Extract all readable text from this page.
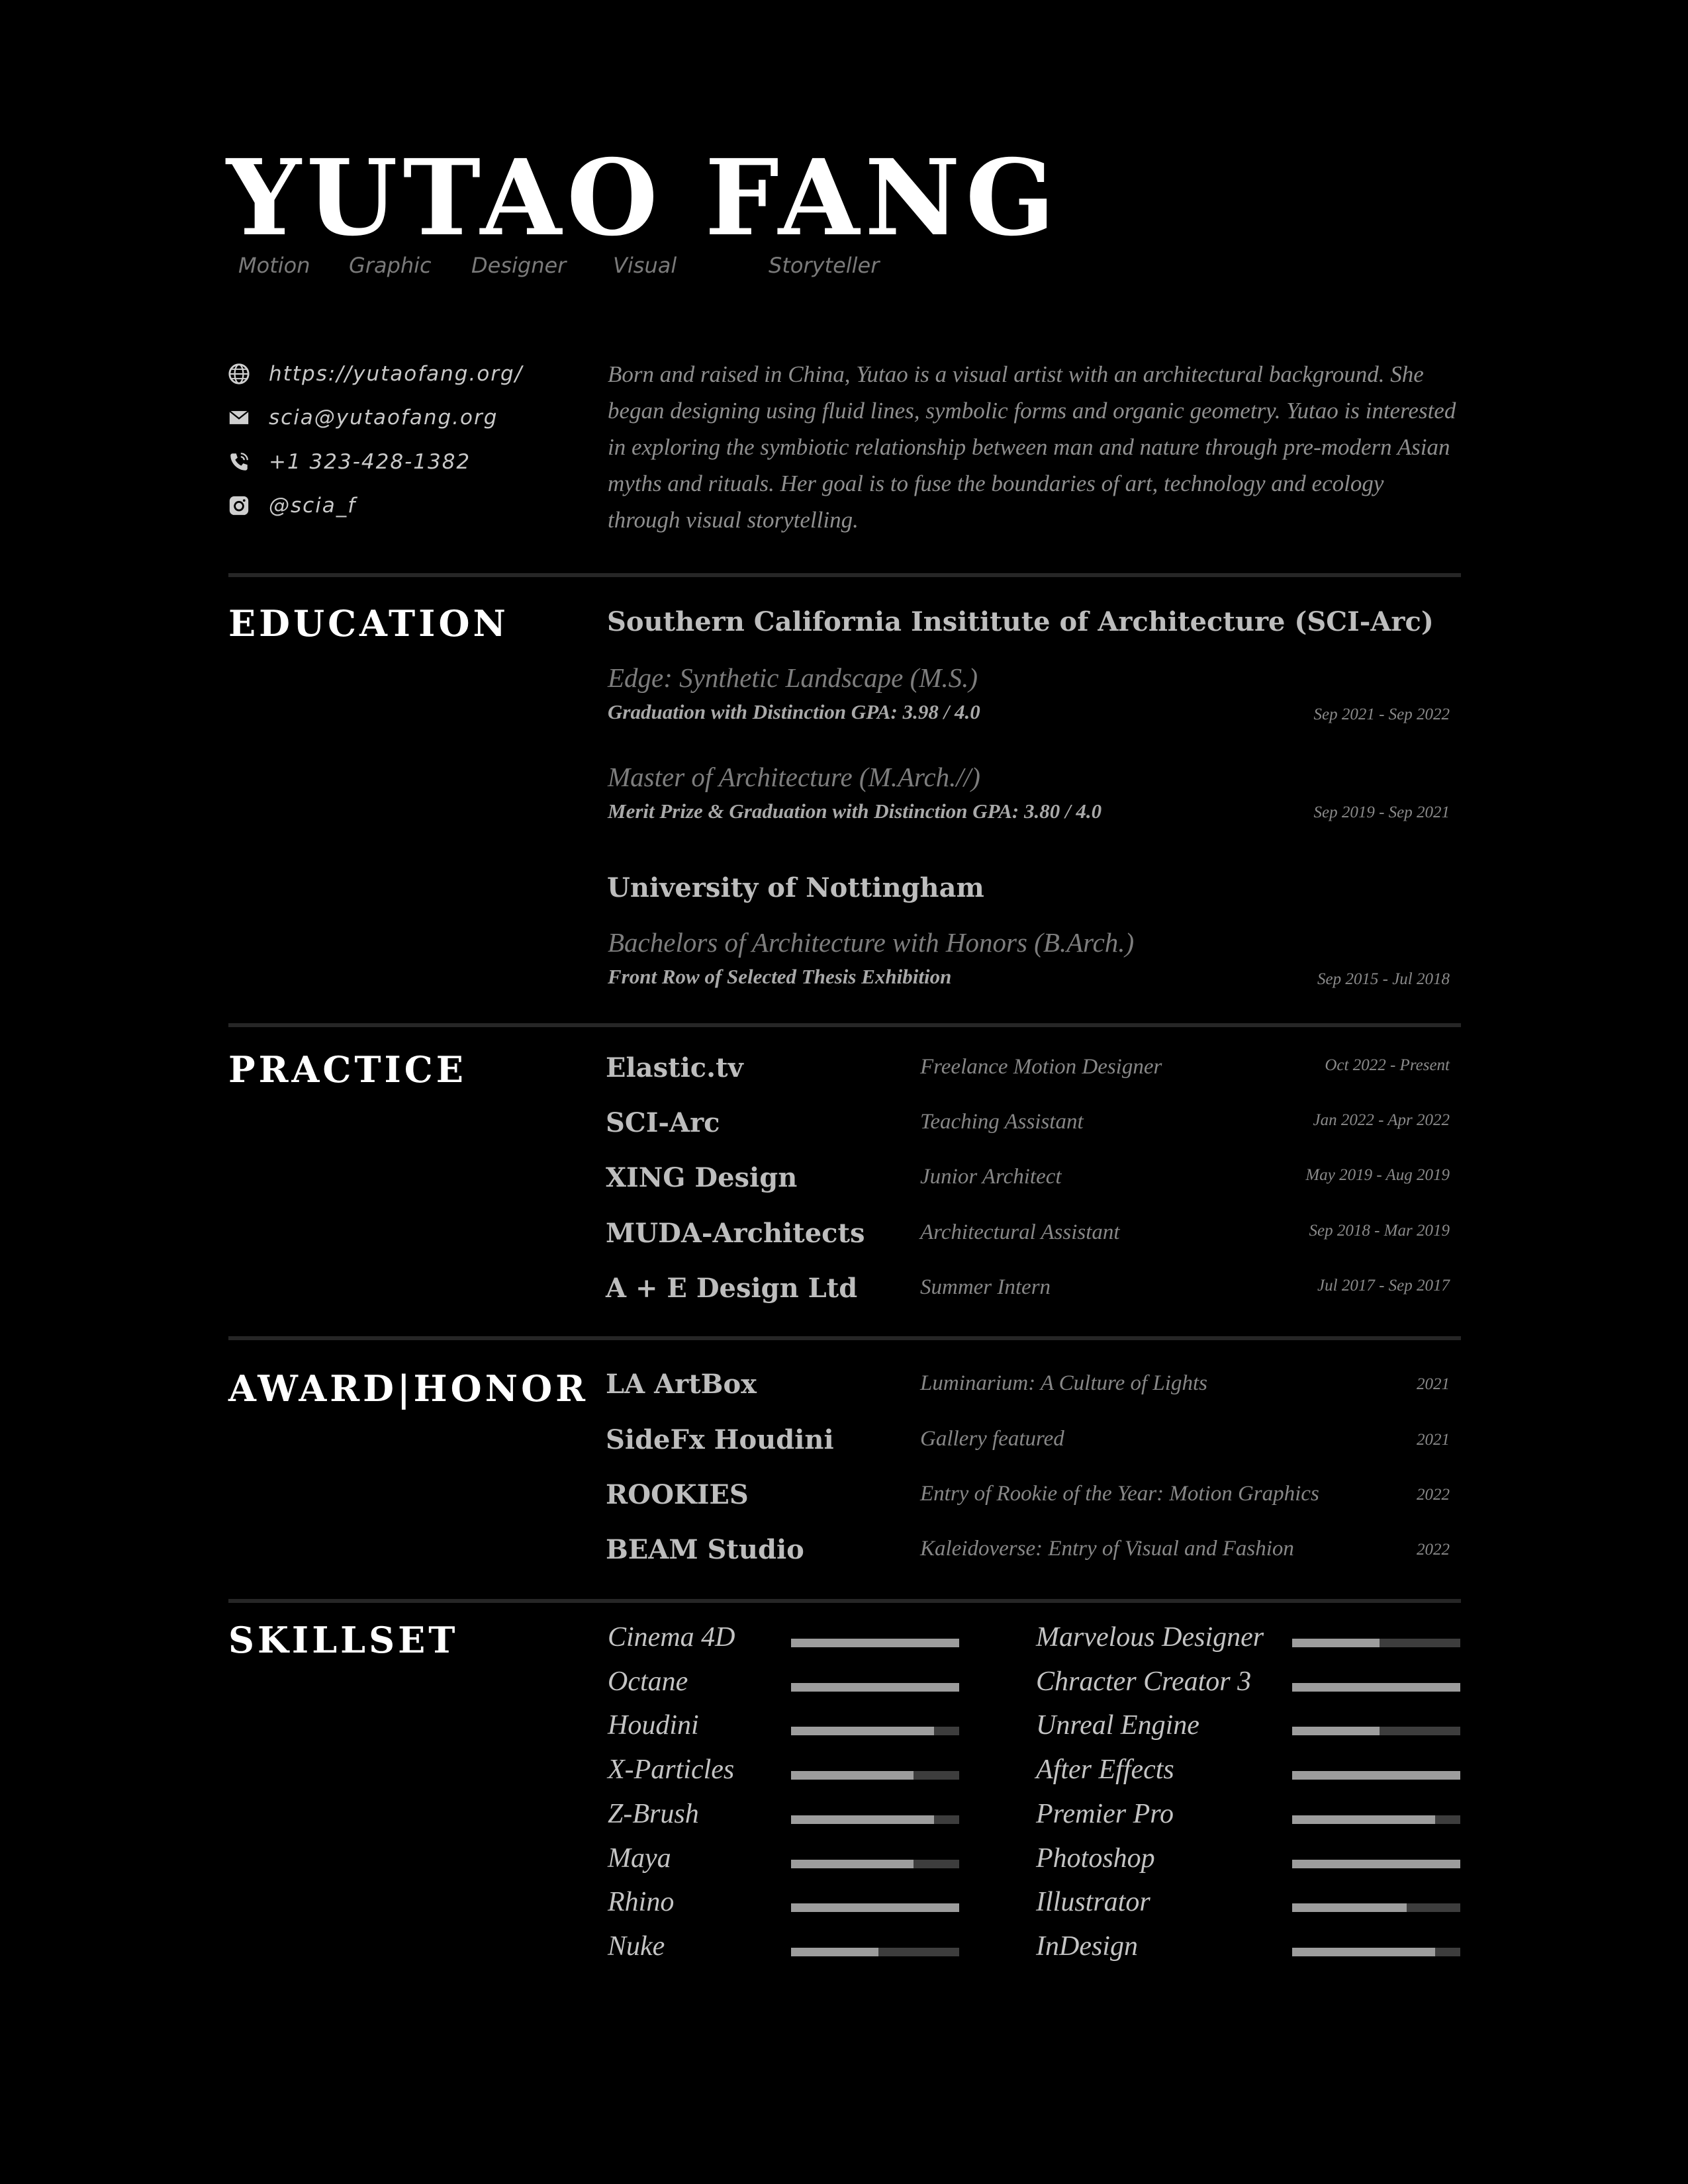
YUTAO FANG
Motion Graphic Designer Visual	Storyteller
https://yutaofang.org/
scia@yutaofang.org
+1 323-428-1382
@scia_f

Born and raised in China, Yutao is a visual artist with an architectural background. She began designing using fluid lines, symbolic forms and organic geometry. Yutao is interested in exploring the symbiotic relationship between man and nature through pre-modern Asian myths and rituals. Her goal is to fuse the boundaries of art, technology and ecology through visual storytelling.

EDUCATION	Southern California Insititute of Architecture (SCI-Arc)
Edge: Synthetic Landscape (M.S.)
Graduation with Distinction GPA: 3.98 / 4.0	Sep 2021 - Sep 2022
Master of Architecture (M.Arch.//)
Merit Prize & Graduation with Distinction GPA: 3.80 / 4.0	Sep 2019 - Sep 2021
University of Nottingham
Bachelors of Architecture with Honors (B.Arch.)
Front Row of Selected Thesis Exhibition	Sep 2015 - Jul 2018
PRACTICE	Elastic.tv	Freelance Motion Designer	Oct 2022 - Present
SCI-Arc	Teaching Assistant	Jan 2022 - Apr 2022
XING Design	Junior Architect	May 2019 - Aug 2019
MUDA-Architects	Architectural Assistant	Sep 2018 - Mar 2019
A + E Design Ltd	Summer Intern	Jul 2017 - Sep 2017
AWARD|HONOR LA ArtBox	Luminarium: A Culture of Lights	2021
SideFx Houdini	Gallery featured	2021
ROOKIES	Entry of Rookie of the Year: Motion Graphics	2022
BEAM Studio	Kaleidoverse: Entry of Visual and Fashion	2022
SKILLSET	Cinema 4D
Octane
Houdini
X-Particles
Z-Brush
Maya
Rhino
Nuke
Marvelous Designer
Chracter Creator 3
Unreal Engine
After Effects
Premier Pro
Photoshop
Illustrator
InDesign
